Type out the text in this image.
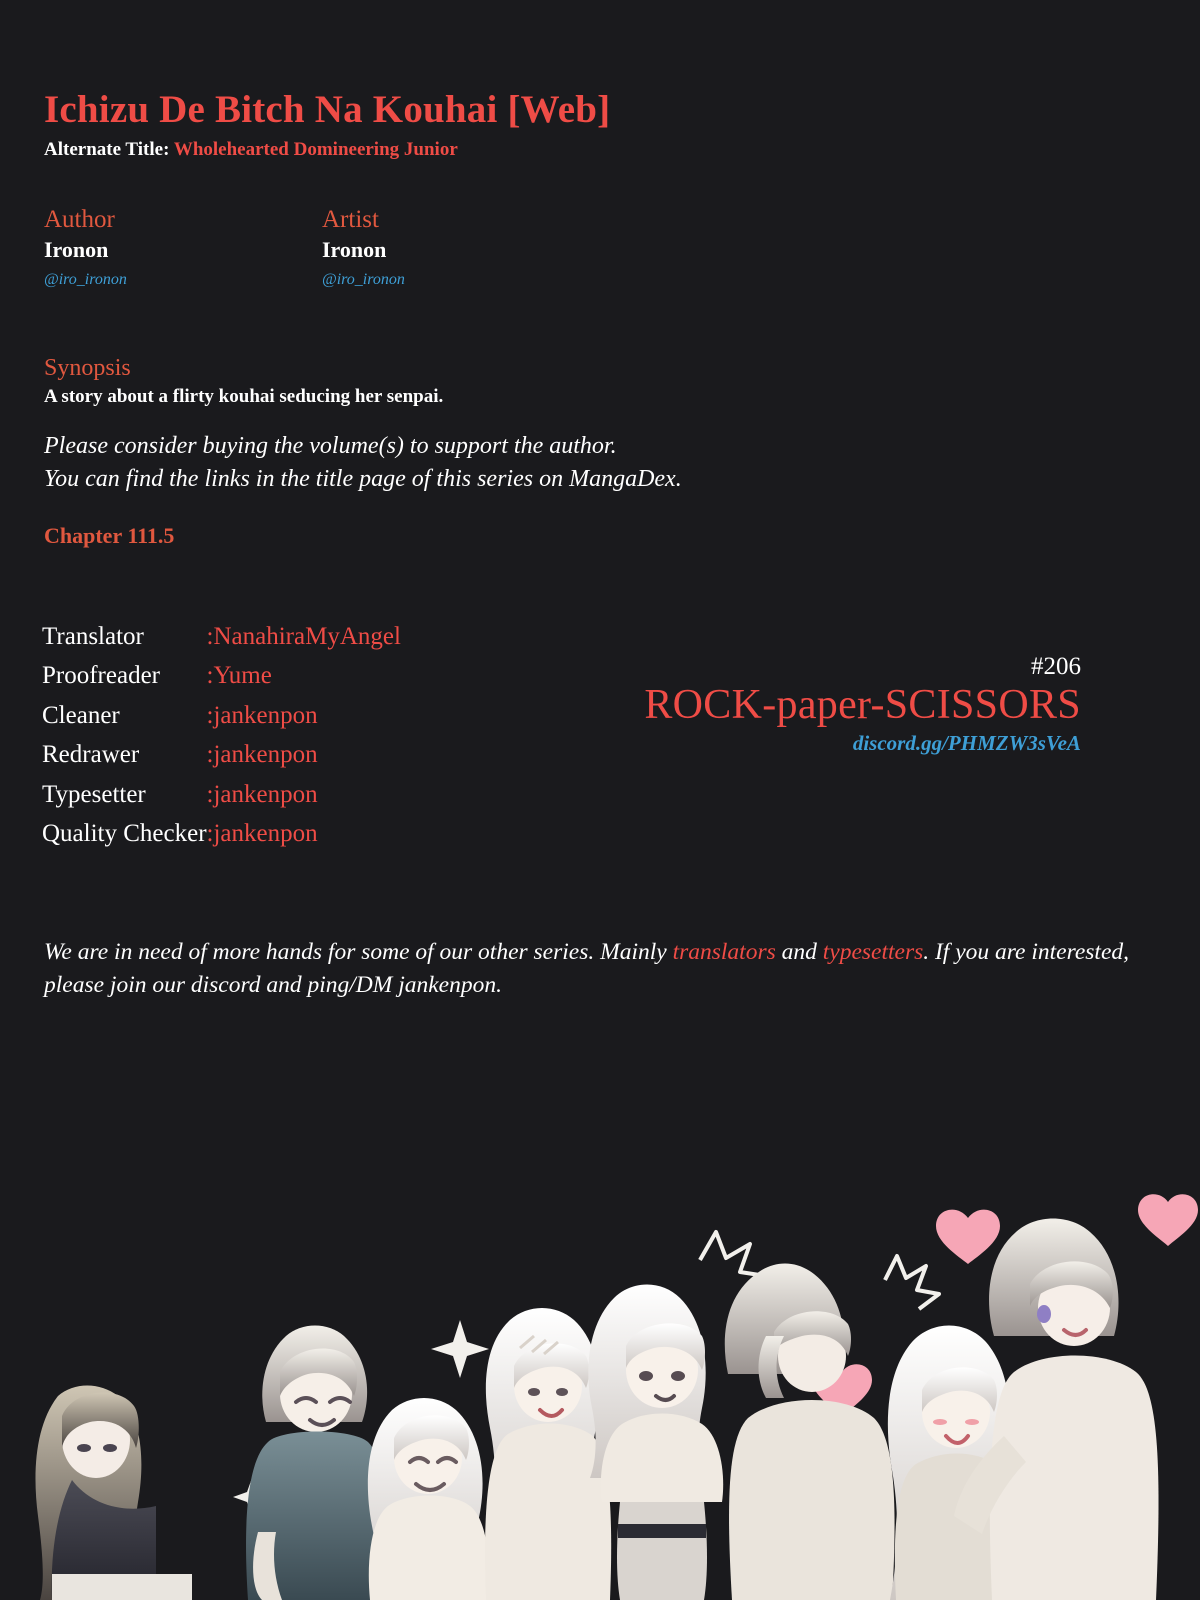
Ichizu De Bitch Na Kouhai [Web]
Alternate Title: Wholehearted Domineering Junior
Author
Ironon
@iro_ironon
Artist
Ironon
@iro_ironon
Synopsis
A story about a flirty kouhai seducing her senpai.
Please consider buying the volume(s) to support the author.
You can find the links in the title page of this series on MangaDex.
Chapter 111.5
Translator	:	NanahiraMyAngel
Proofreader	:	Yume
Cleaner	:	jankenpon
Redrawer	:	jankenpon
Typesetter	:	jankenpon
Quality Checker	:	jankenpon
#206
ROCK-paper-SCISSORS
discord.gg/PHMZW3sVeA
We are in need of more hands for some of our other series. Mainly translators and typesetters. If you are interested, please join our discord and ping/DM jankenpon.
